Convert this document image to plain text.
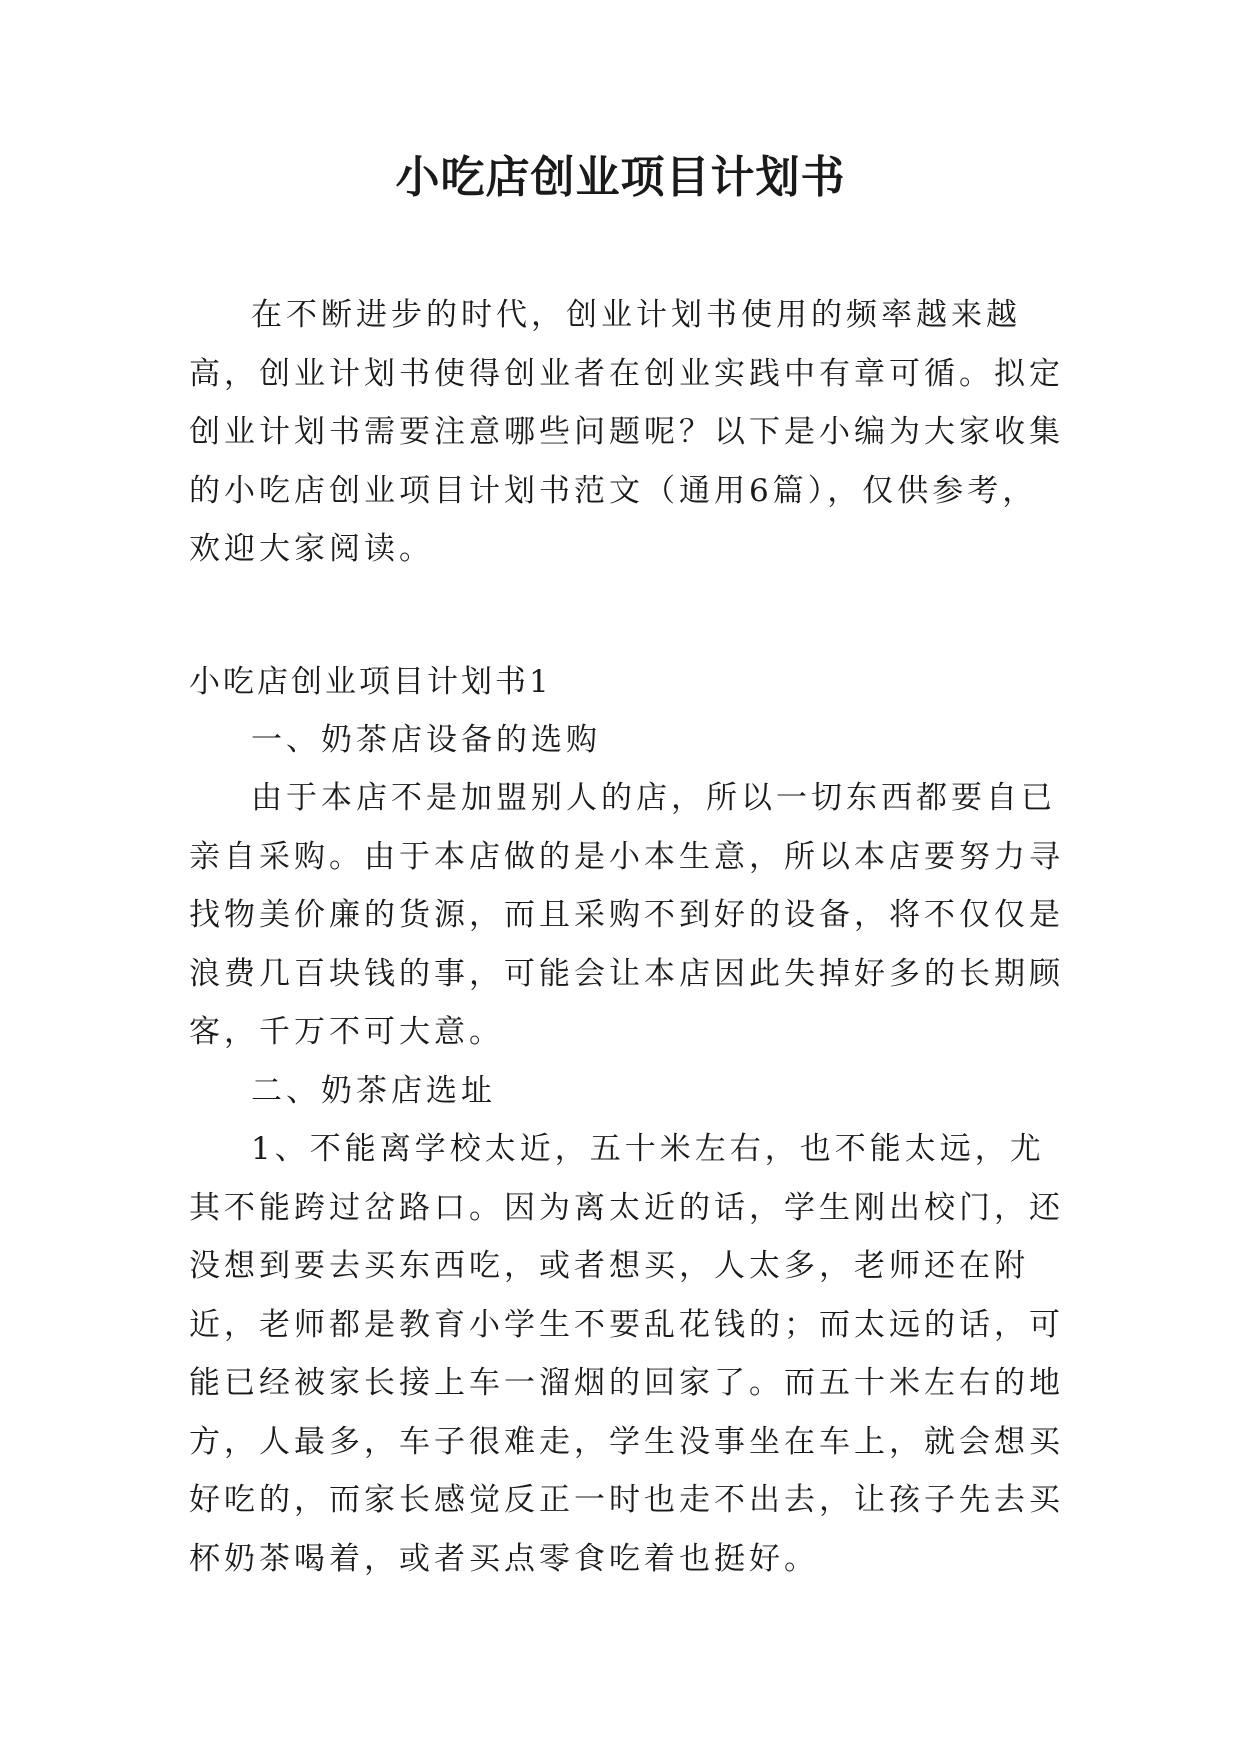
小吃店创业项目计划书

在不断进步的时代，创业计划书使用的频率越来越高，创业计划书使得创业者在创业实践中有章可循。拟定创业计划书需要注意哪些问题呢？以下是小编为大家收集的小吃店创业项目计划书范文（通用6篇），仅供参考，欢迎大家阅读。

小吃店创业项目计划书1

一、奶茶店设备的选购

由于本店不是加盟别人的店，所以一切东西都要自已亲自采购。由于本店做的是小本生意，所以本店要努力寻找物美价廉的货源，而且采购不到好的设备，将不仅仅是浪费几百块钱的事，可能会让本店因此失掉好多的长期顾客，千万不可大意。

二、奶茶店选址

1、不能离学校太近，五十米左右，也不能太远，尤其不能跨过岔路口。因为离太近的话，学生刚出校门，还没想到要去买东西吃，或者想买，人太多，老师还在附近，老师都是教育小学生不要乱花钱的；而太远的话，可能已经被家长接上车一溜烟的回家了。而五十米左右的地方，人最多，车子很难走，学生没事坐在车上，就会想买好吃的，而家长感觉反正一时也走不出去，让孩子先去买杯奶茶喝着，或者买点零食吃着也挺好。
